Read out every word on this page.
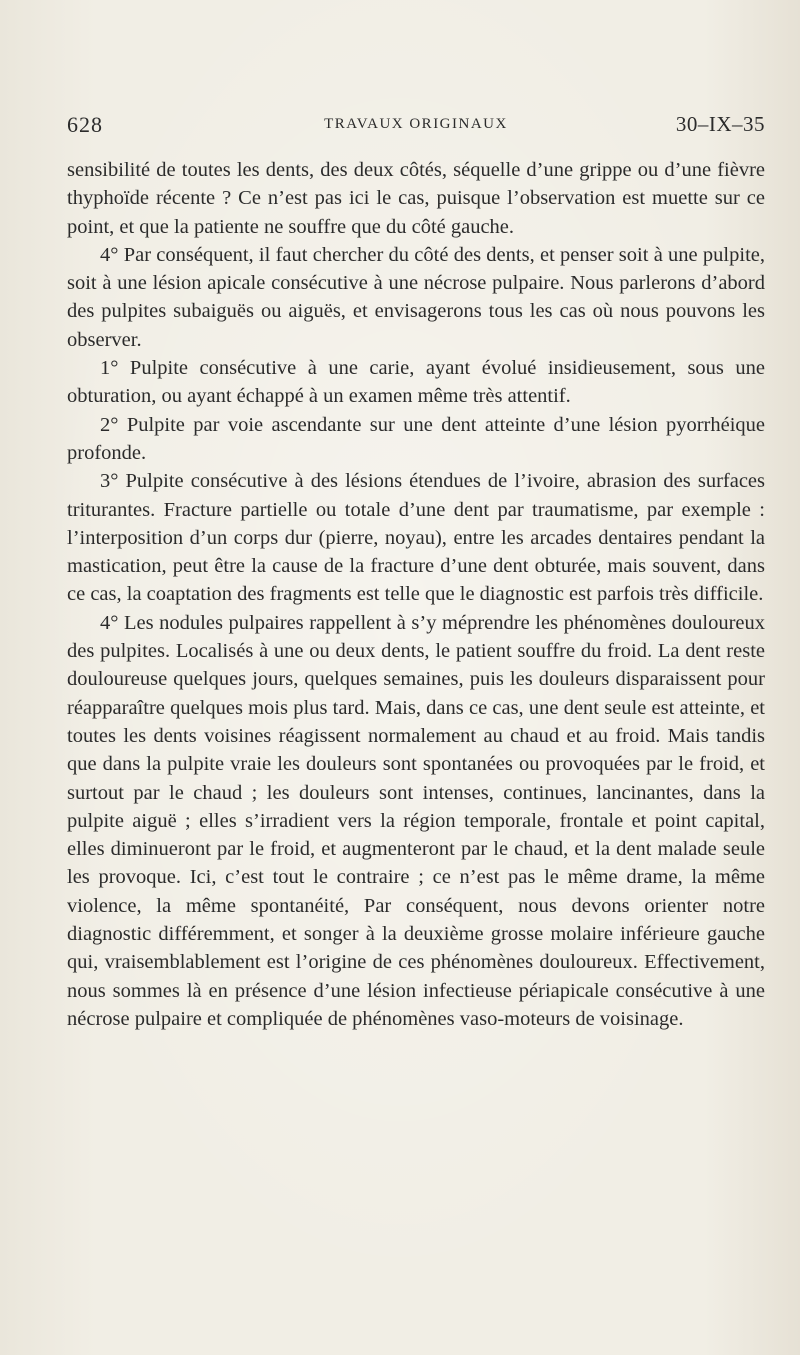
628	TRAVAUX ORIGINAUX	30–IX–35

sensibilité de toutes les dents, des deux côtés, séquelle d’une grippe ou d’une fièvre thyphoïde récente ? Ce n’est pas ici le cas, puisque l’observation est muette sur ce point, et que la patiente ne souffre que du côté gauche.

4° Par conséquent, il faut chercher du côté des dents, et penser soit à une pulpite, soit à une lésion apicale consécutive à une nécrose pulpaire. Nous parlerons d’abord des pulpites subaiguës ou aiguës, et envisagerons tous les cas où nous pouvons les observer.

1° Pulpite consécutive à une carie, ayant évolué insidieusement, sous une obturation, ou ayant échappé à un examen même très attentif.

2° Pulpite par voie ascendante sur une dent atteinte d’une lésion pyorrhéique profonde.

3° Pulpite consécutive à des lésions étendues de l’ivoire, abrasion des surfaces triturantes. Fracture partielle ou totale d’une dent par traumatisme, par exemple : l’interposition d’un corps dur (pierre, noyau), entre les arcades dentaires pendant la mastication, peut être la cause de la fracture d’une dent obturée, mais souvent, dans ce cas, la coaptation des fragments est telle que le diagnostic est parfois très difficile.

4° Les nodules pulpaires rappellent à s’y méprendre les phénomènes douloureux des pulpites. Localisés à une ou deux dents, le patient souffre du froid. La dent reste douloureuse quelques jours, quelques semaines, puis les douleurs disparaissent pour réapparaître quelques mois plus tard. Mais, dans ce cas, une dent seule est atteinte, et toutes les dents voisines réagissent normalement au chaud et au froid. Mais tandis que dans la pulpite vraie les douleurs sont spontanées ou provoquées par le froid, et surtout par le chaud ; les douleurs sont intenses, continues, lancinantes, dans la pulpite aiguë ; elles s’irradient vers la région temporale, frontale et point capital, elles diminueront par le froid, et augmenteront par le chaud, et la dent malade seule les provoque. Ici, c’est tout le contraire ; ce n’est pas le même drame, la même violence, la même spontanéité, Par conséquent, nous devons orienter notre diagnostic différemment, et songer à la deuxième grosse molaire inférieure gauche qui, vraisemblablement est l’origine de ces phénomènes douloureux. Effectivement, nous sommes là en présence d’une lésion infectieuse périapicale consécutive à une nécrose pulpaire et compliquée de phénomènes vaso-moteurs de voisinage.
